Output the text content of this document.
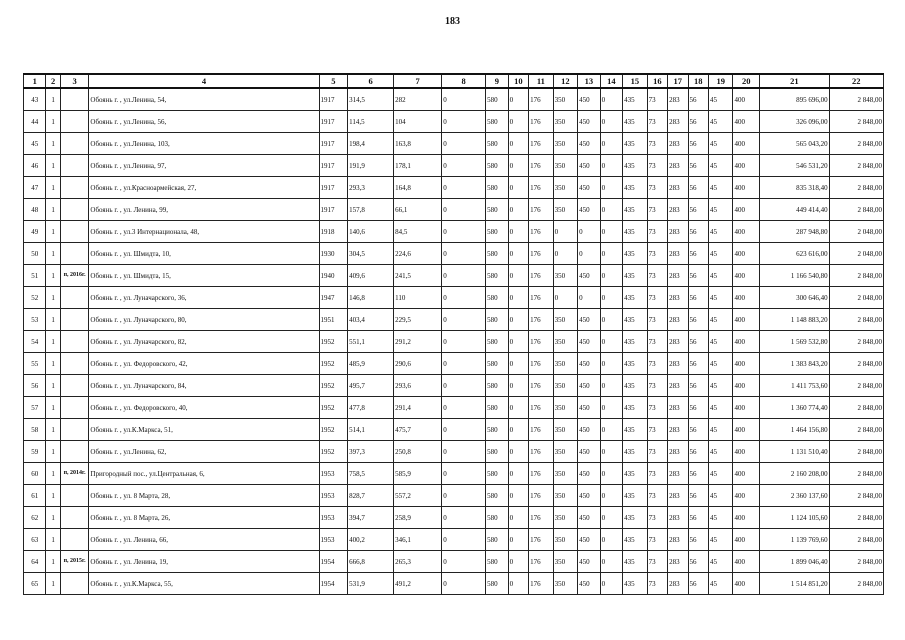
183
1	2	3	4	5	6	7	8	9	10	11	12	13	14	15	16	17	18	19	20	21	22
43	1		Обоянь г. , ул.Ленина, 54,	1917	314,5	282	0	580	0	176	350	450	0	435	73	283	56	45	400	895 696,00	2 848,00
44	1		Обоянь г. , ул.Ленина, 56,	1917	114,5	104	0	580	0	176	350	450	0	435	73	283	56	45	400	326 096,00	2 848,00
45	1		Обоянь г. , ул.Ленина, 103,	1917	198,4	163,8	0	580	0	176	350	450	0	435	73	283	56	45	400	565 043,20	2 848,00
46	1		Обоянь г. , ул.Ленина, 97,	1917	191,9	178,1	0	580	0	176	350	450	0	435	73	283	56	45	400	546 531,20	2 848,00
47	1		Обоянь г. , ул.Красноармейская, 27,	1917	293,3	164,8	0	580	0	176	350	450	0	435	73	283	56	45	400	835 318,40	2 848,00
48	1		Обоянь г. , ул. Ленина, 99,	1917	157,8	66,1	0	580	0	176	350	450	0	435	73	283	56	45	400	449 414,40	2 848,00
49	1		Обоянь г. , ул.3 Интернационала, 48,	1918	140,6	84,5	0	580	0	176	0	0	0	435	73	283	56	45	400	287 948,80	2 048,00
50	1		Обоянь г. , ул. Шмидта, 10,	1930	304,5	224,6	0	580	0	176	0	0	0	435	73	283	56	45	400	623 616,00	2 048,00
51	1	п, 2016г.	Обоянь г. , ул. Шмидта, 15,	1940	409,6	241,5	0	580	0	176	350	450	0	435	73	283	56	45	400	1 166 540,80	2 848,00
52	1		Обоянь г. , ул. Луначарского, 36,	1947	146,8	110	0	580	0	176	0	0	0	435	73	283	56	45	400	300 646,40	2 048,00
53	1		Обоянь г. , ул. Луначарского, 80,	1951	403,4	229,5	0	580	0	176	350	450	0	435	73	283	56	45	400	1 148 883,20	2 848,00
54	1		Обоянь г. , ул. Луначарского, 82,	1952	551,1	291,2	0	580	0	176	350	450	0	435	73	283	56	45	400	1 569 532,80	2 848,00
55	1		Обоянь г. , ул. Федоровского, 42,	1952	485,9	290,6	0	580	0	176	350	450	0	435	73	283	56	45	400	1 383 843,20	2 848,00
56	1		Обоянь г. , ул. Луначарского, 84,	1952	495,7	293,6	0	580	0	176	350	450	0	435	73	283	56	45	400	1 411 753,60	2 848,00
57	1		Обоянь г. , ул. Федоровского, 40,	1952	477,8	291,4	0	580	0	176	350	450	0	435	73	283	56	45	400	1 360 774,40	2 848,00
58	1		Обоянь г. , ул.К.Маркса, 51,	1952	514,1	475,7	0	580	0	176	350	450	0	435	73	283	56	45	400	1 464 156,80	2 848,00
59	1		Обоянь г. , ул.Ленина, 62,	1952	397,3	250,8	0	580	0	176	350	450	0	435	73	283	56	45	400	1 131 510,40	2 848,00
60	1	п, 2014г.	Пригородный пос., ул.Центральная, 6,	1953	758,5	585,9	0	580	0	176	350	450	0	435	73	283	56	45	400	2 160 208,00	2 848,00
61	1		Обоянь г. , ул. 8 Марта, 28,	1953	828,7	557,2	0	580	0	176	350	450	0	435	73	283	56	45	400	2 360 137,60	2 848,00
62	1		Обоянь г. , ул. 8 Марта, 26,	1953	394,7	258,9	0	580	0	176	350	450	0	435	73	283	56	45	400	1 124 105,60	2 848,00
63	1		Обоянь г. , ул. Ленина, 66,	1953	400,2	346,1	0	580	0	176	350	450	0	435	73	283	56	45	400	1 139 769,60	2 848,00
64	1	п, 2015г.	Обоянь г. , ул. Ленина, 19,	1954	666,8	265,3	0	580	0	176	350	450	0	435	73	283	56	45	400	1 899 046,40	2 848,00
65	1		Обоянь г. , ул.К.Маркса, 55,	1954	531,9	491,2	0	580	0	176	350	450	0	435	73	283	56	45	400	1 514 851,20	2 848,00
